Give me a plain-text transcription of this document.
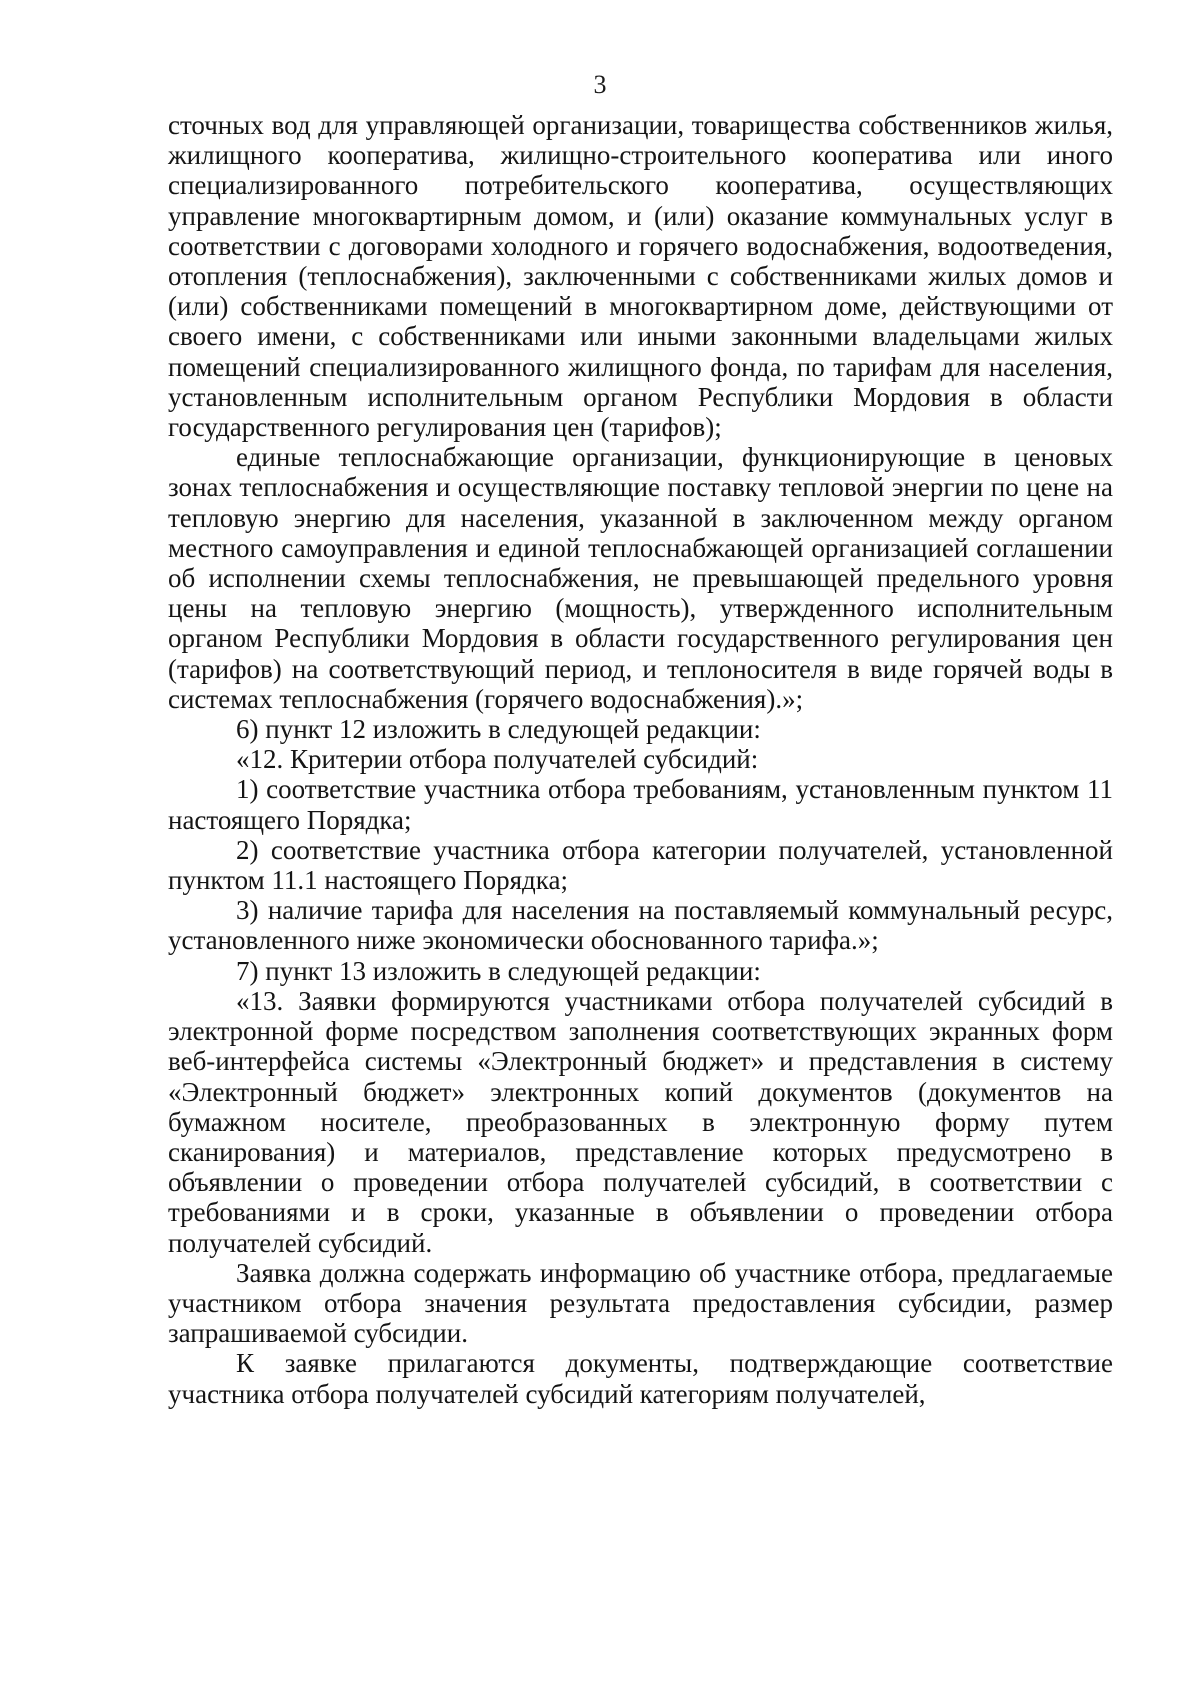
3

сточных вод для управляющей организации, товарищества собственников жилья, жилищного кооператива, жилищно-строительного кооператива или иного специализированного потребительского кооператива, осуществляющих управление многоквартирным домом, и (или) оказание коммунальных услуг в соответствии с договорами холодного и горячего водоснабжения, водоотведения, отопления (теплоснабжения), заключенными с собственниками жилых домов и (или) собственниками помещений в многоквартирном доме, действующими от своего имени, с собственниками или иными законными владельцами жилых помещений специализированного жилищного фонда, по тарифам для населения, установленным исполнительным органом Республики Мордовия в области государственного регулирования цен (тарифов);

единые теплоснабжающие организации, функционирующие в ценовых зонах теплоснабжения и осуществляющие поставку тепловой энергии по цене на тепловую энергию для населения, указанной в заключенном между органом местного самоуправления и единой теплоснабжающей организацией соглашении об исполнении схемы теплоснабжения, не превышающей предельного уровня цены на тепловую энергию (мощность), утвержденного исполнительным органом Республики Мордовия в области государственного регулирования цен (тарифов) на соответствующий период, и теплоносителя в виде горячей воды в системах теплоснабжения (горячего водоснабжения).»;

6) пункт 12 изложить в следующей редакции:

«12. Критерии отбора получателей субсидий:

1) соответствие участника отбора требованиям, установленным пунктом 11 настоящего Порядка;

2) соответствие участника отбора категории получателей, установленной пунктом 11.1 настоящего Порядка;

3) наличие тарифа для населения на поставляемый коммунальный ресурс, установленного ниже экономически обоснованного тарифа.»;

7) пункт 13 изложить в следующей редакции:

«13. Заявки формируются участниками отбора получателей субсидий в электронной форме посредством заполнения соответствующих экранных форм веб-интерфейса системы «Электронный бюджет» и представления в систему «Электронный бюджет» электронных копий документов (документов на бумажном носителе, преобразованных в электронную форму путем сканирования) и материалов, представление которых предусмотрено в объявлении о проведении отбора получателей субсидий, в соответствии с требованиями и в сроки, указанные в объявлении о проведении отбора получателей субсидий.

Заявка должна содержать информацию об участнике отбора, предлагаемые участником отбора значения результата предоставления субсидии, размер запрашиваемой субсидии.

К заявке прилагаются документы, подтверждающие соответствие участника отбора получателей субсидий категориям получателей,
